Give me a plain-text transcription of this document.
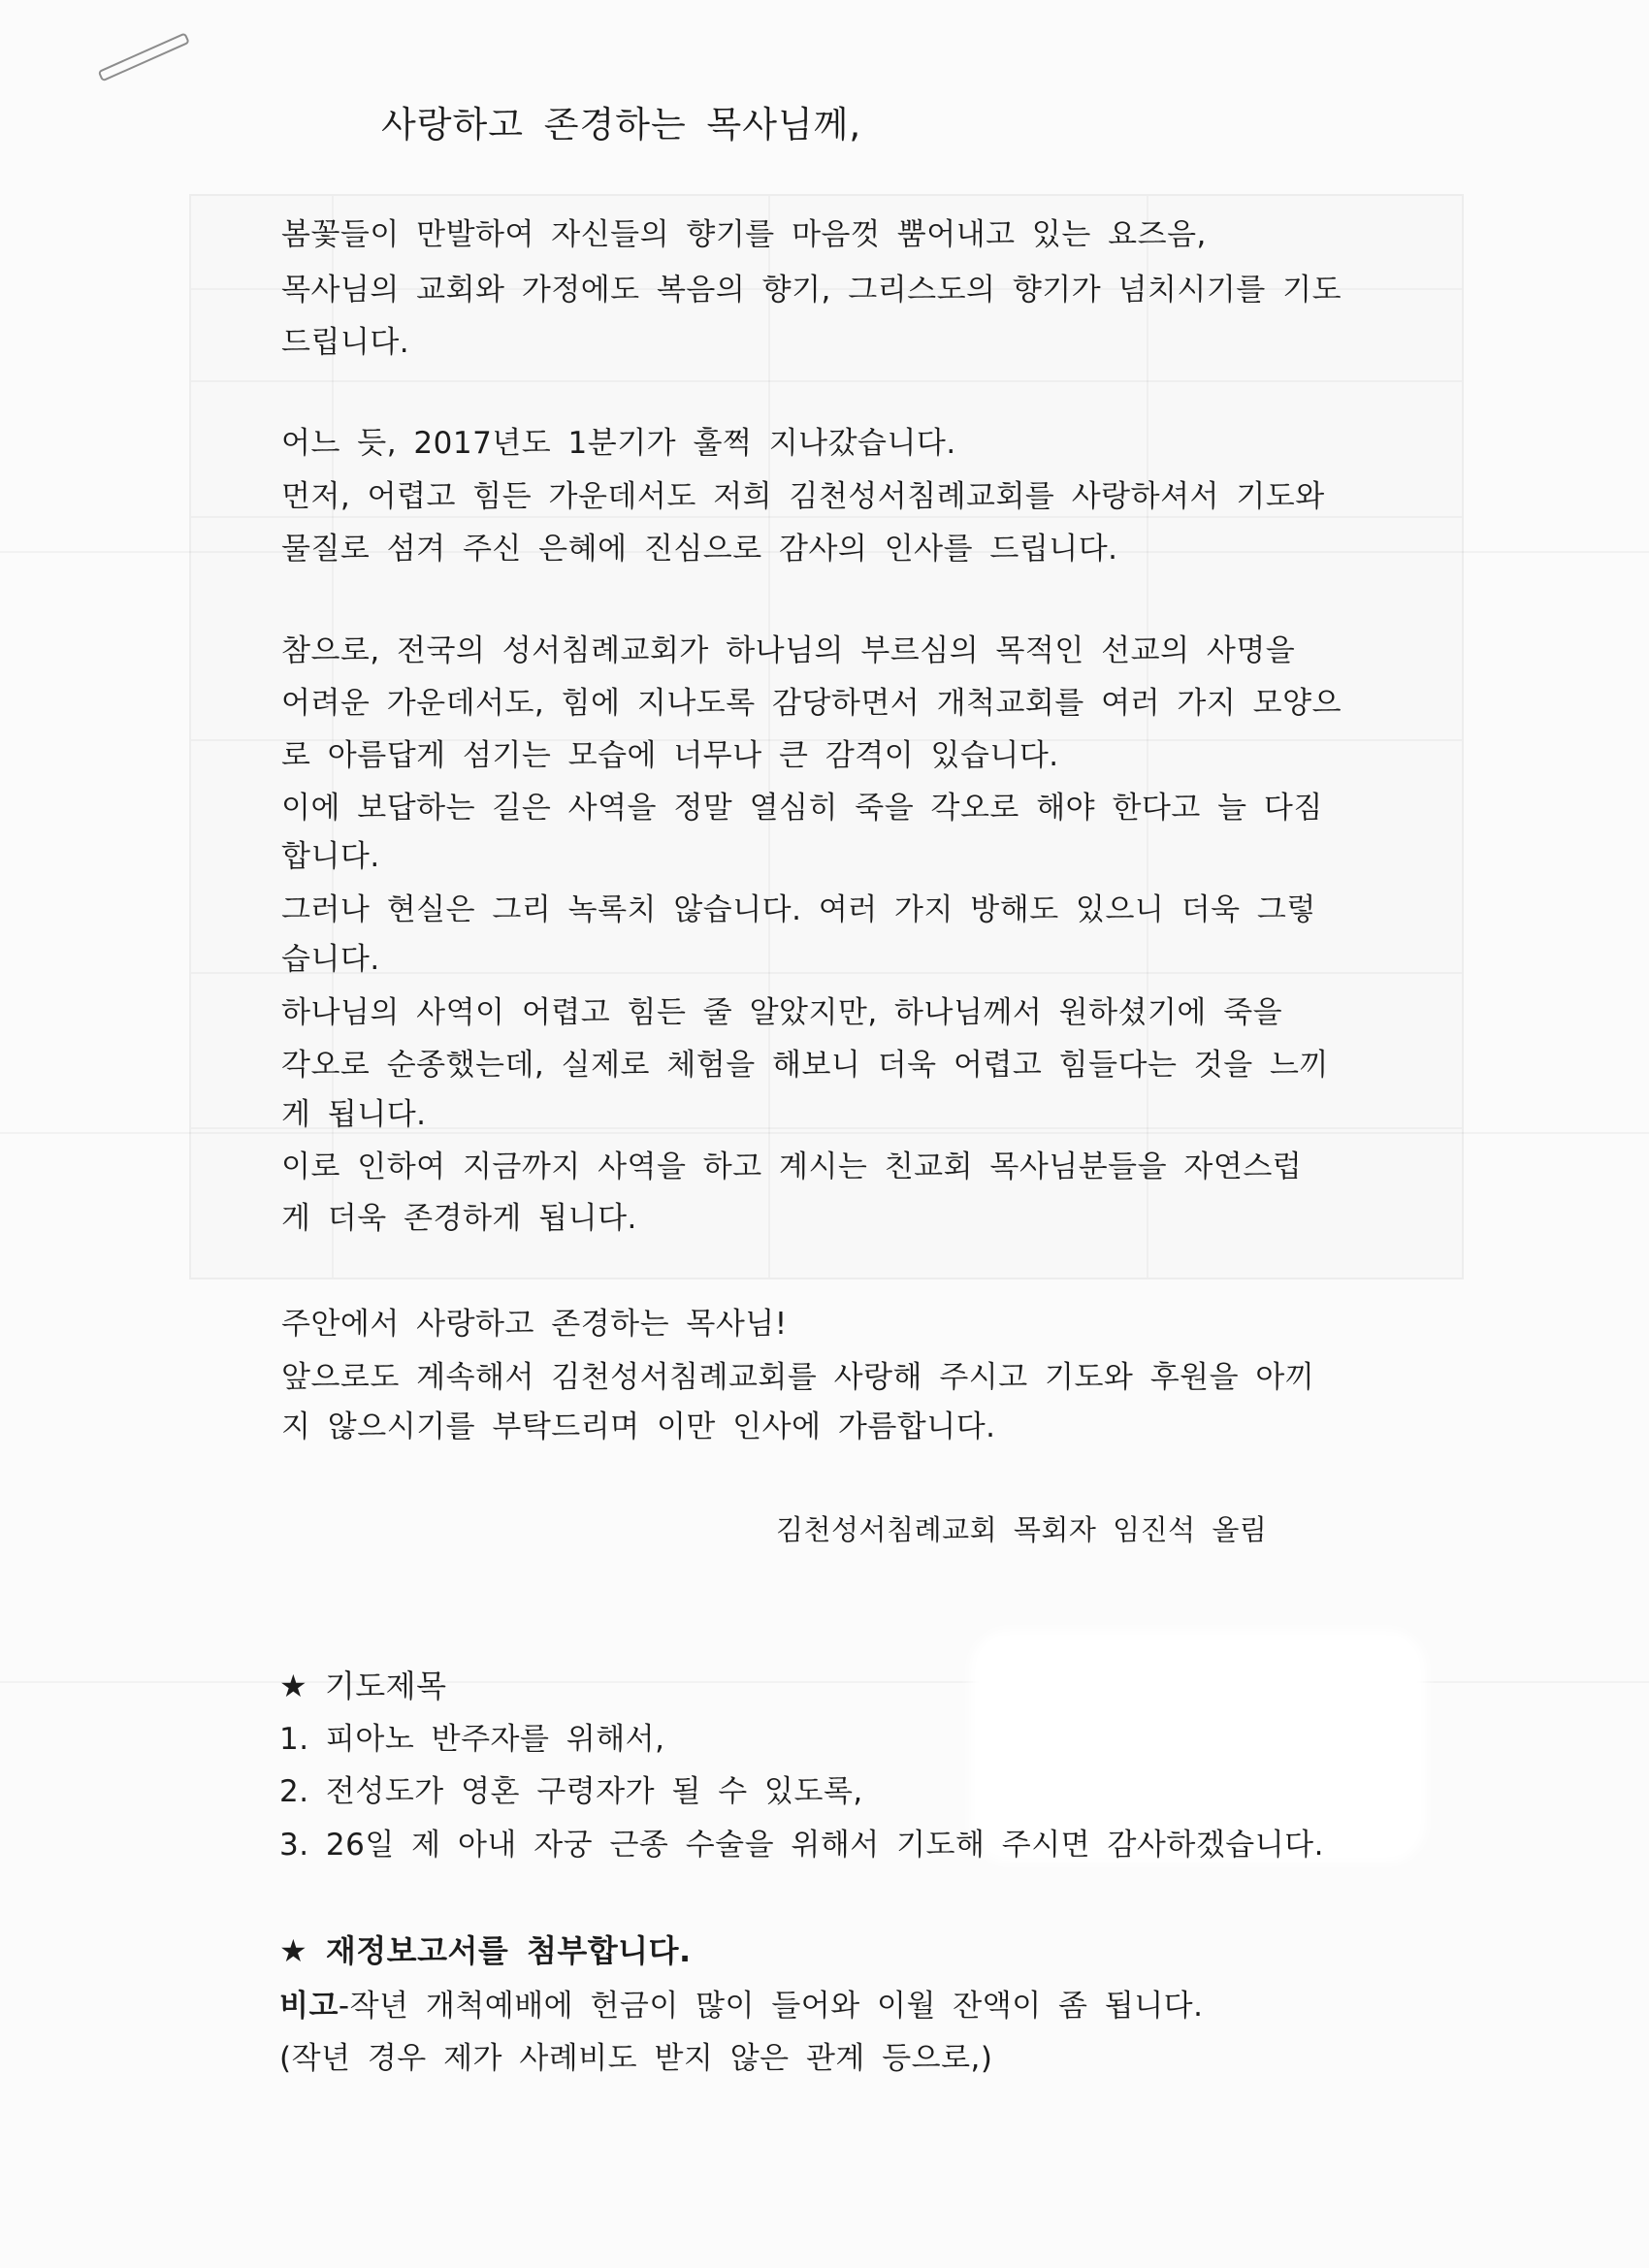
사랑하고 존경하는 목사님께,
봄꽃들이 만발하여 자신들의 향기를 마음껏 뿜어내고 있는 요즈음,
목사님의 교회와 가정에도 복음의 향기, 그리스도의 향기가 넘치시기를 기도
드립니다.
어느 듯, 2017년도 1분기가 훌쩍 지나갔습니다.
먼저, 어렵고 힘든 가운데서도 저희 김천성서침례교회를 사랑하셔서 기도와
물질로 섬겨 주신 은혜에 진심으로 감사의 인사를 드립니다.
참으로, 전국의 성서침례교회가 하나님의 부르심의 목적인 선교의 사명을
어려운 가운데서도, 힘에 지나도록 감당하면서 개척교회를 여러 가지 모양으
로 아름답게 섬기는 모습에 너무나 큰 감격이 있습니다.
이에 보답하는 길은 사역을 정말 열심히 죽을 각오로 해야 한다고 늘 다짐
합니다.
그러나 현실은 그리 녹록치 않습니다. 여러 가지 방해도 있으니 더욱 그렇
습니다.
하나님의 사역이 어렵고 힘든 줄 알았지만, 하나님께서 원하셨기에 죽을
각오로 순종했는데, 실제로 체험을 해보니 더욱 어렵고 힘들다는 것을 느끼
게 됩니다.
이로 인하여 지금까지 사역을 하고 계시는 친교회 목사님분들을 자연스럽
게 더욱 존경하게 됩니다.
주안에서 사랑하고 존경하는 목사님!
앞으로도 계속해서 김천성서침례교회를 사랑해 주시고 기도와 후원을 아끼
지 않으시기를 부탁드리며 이만 인사에 가름합니다.
김천성서침례교회 목회자 임진석 올림
★ 기도제목
1. 피아노 반주자를 위해서,
2. 전성도가 영혼 구령자가 될 수 있도록,
3. 26일 제 아내 자궁 근종 수술을 위해서 기도해 주시면 감사하겠습니다.
★ 재정보고서를 첨부합니다.
비고-작년 개척예배에 헌금이 많이 들어와 이월 잔액이 좀 됩니다.
(작년 경우 제가 사례비도 받지 않은 관계 등으로,)
